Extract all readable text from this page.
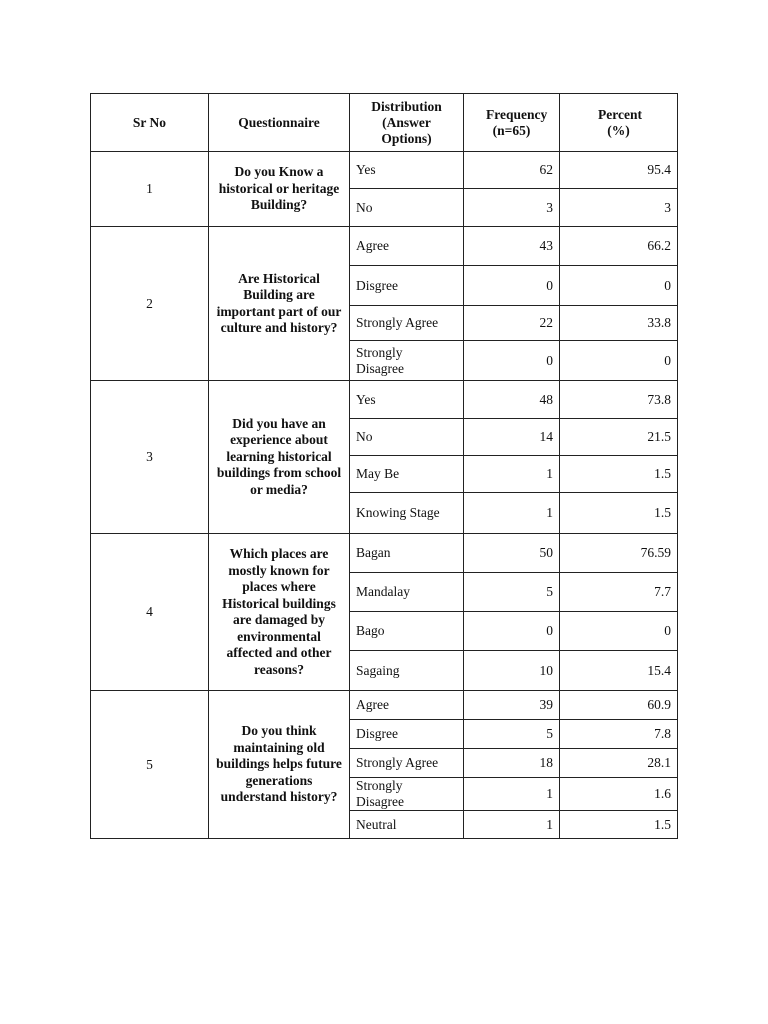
Sr No	Questionnaire	Distribution (Answer Options)	Frequency (n=65)	Percent (%)
1	Do you Know a historical or heritage Building?	Yes	62	95.4
		No	3	3
2	Are Historical Building are important part of our culture and history?	Agree	43	66.2
		Disgree	0	0
		Strongly Agree	22	33.8
		Strongly Disagree	0	0
3	Did you have an experience about learning historical buildings from school or media?	Yes	48	73.8
		No	14	21.5
		May Be	1	1.5
		Knowing Stage	1	1.5
4	Which places are mostly known for places where Historical buildings are damaged by environmental affected and other reasons?	Bagan	50	76.59
		Mandalay	5	7.7
		Bago	0	0
		Sagaing	10	15.4
5	Do you think maintaining old buildings helps future generations understand history?	Agree	39	60.9
		Disgree	5	7.8
		Strongly Agree	18	28.1
		Strongly Disagree	1	1.6
		Neutral	1	1.5
